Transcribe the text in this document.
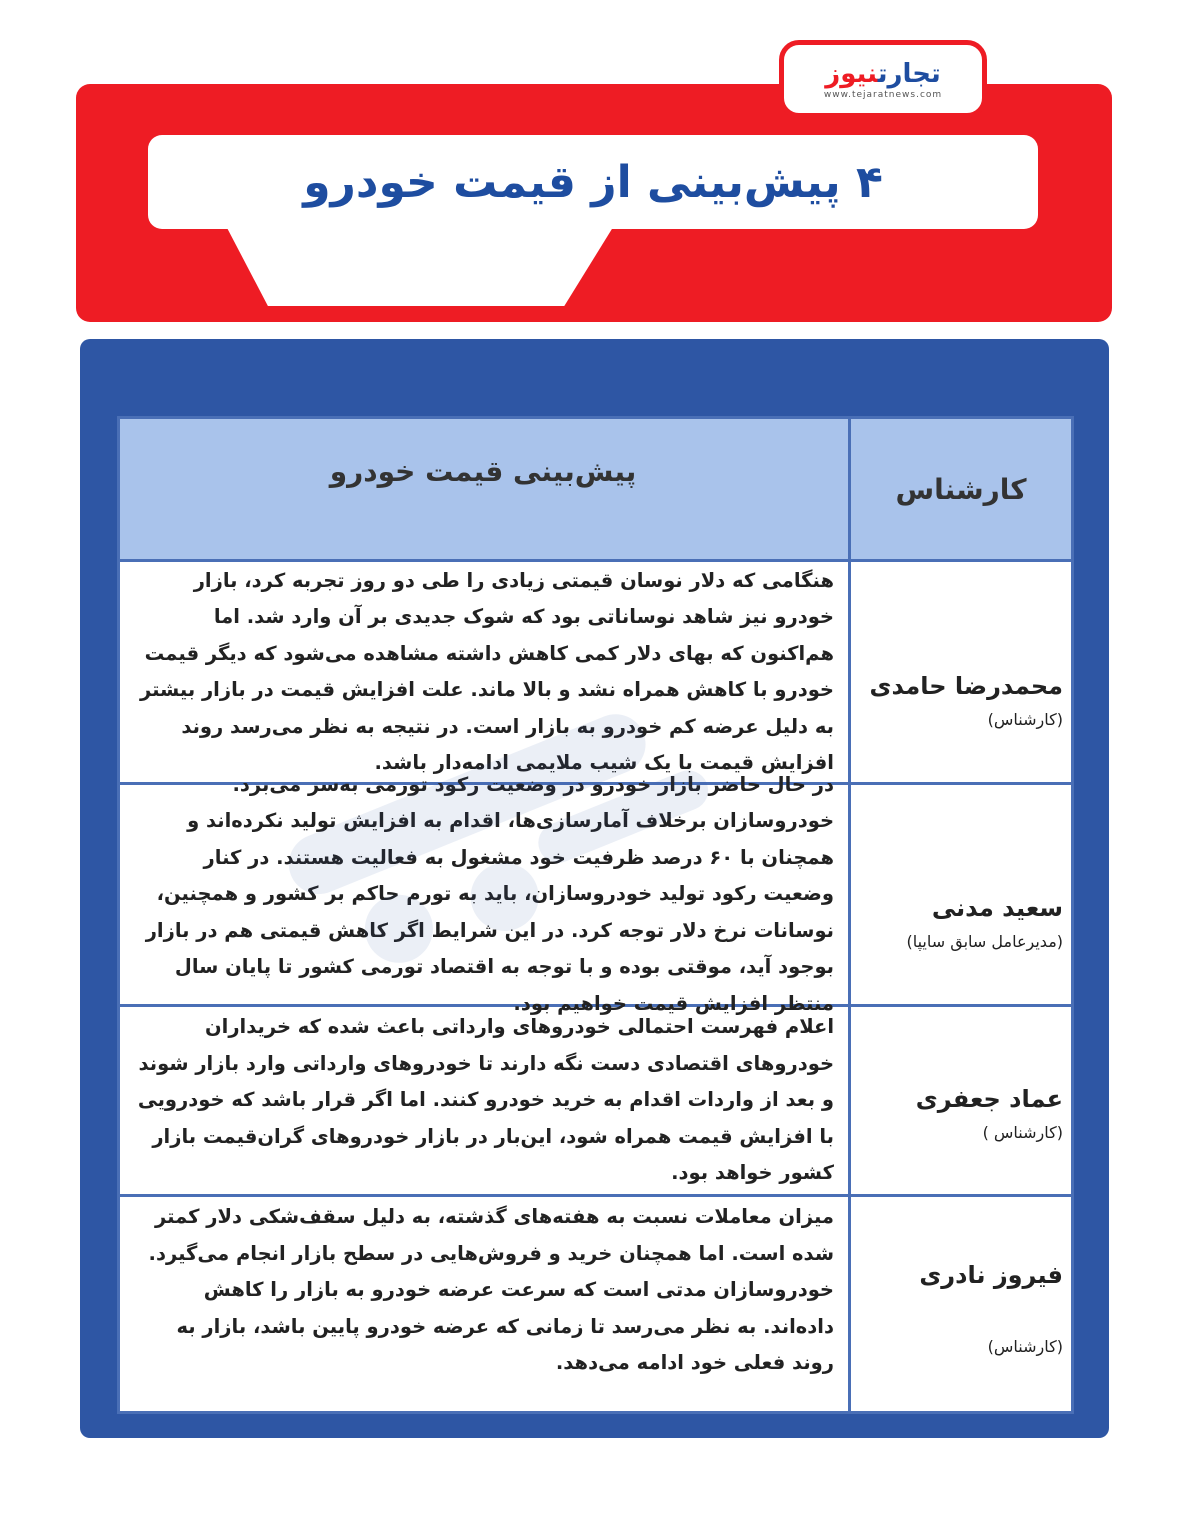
۴ پیش‌بینی از قیمت خودرو
تجارتنیوز
www.tejaratnews.com
کارشناس
پیش‌بینی قیمت خودرو
محمدرضا حامدی
(کارشناس)

هنگامی که دلار نوسان قیمتی زیادی را طی دو روز تجربه کرد، بازار خودرو نیز شاهد نوساناتی بود که شوک جدیدی بر آن وارد شد. اما هم‌اکنون که بهای دلار کمی کاهش داشته مشاهده می‌شود که دیگر قیمت خودرو با کاهش همراه نشد و بالا ماند. علت افزایش قیمت در بازار بیشتر به دلیل عرضه کم خودرو به بازار است. در نتیجه به نظر می‌رسد روند افزایش قیمت با یک شیب ملایمی ادامه‌دار باشد.

سعید مدنی
(مدیرعامل سابق سایپا)

در حال حاضر بازار خودرو در وضعیت رکود تورمی به‌سر می‌برد. خودروسازان برخلاف آمارسازی‌ها، اقدام به افزایش تولید نکرده‌اند و همچنان با ۶۰ درصد ظرفیت خود مشغول به فعالیت هستند. در کنار وضعیت رکود تولید خودروسازان، باید به تورم حاکم بر کشور و همچنین، نوسانات نرخ دلار توجه کرد. در این شرایط اگر کاهش قیمتی هم در بازار بوجود آید، موقتی بوده و با توجه به اقتصاد تورمی کشور تا پایان سال منتظر افزایش قیمت خواهیم بود.

عماد جعفری
(کارشناس )

اعلام فهرست احتمالی خودروهای وارداتی باعث شده که خریداران خودروهای اقتصادی دست نگه دارند تا خودروهای وارداتی وارد بازار شوند و بعد از واردات اقدام به خرید خودرو کنند. اما اگر قرار باشد که خودرویی با افزایش قیمت همراه شود، این‌بار در بازار خودروهای گران‌قیمت بازار کشور خواهد بود.

فیروز نادری
(کارشناس)

میزان معاملات نسبت به هفته‌های گذشته، به دلیل سقف‌شکی دلار کمتر شده است. اما همچنان خرید و فروش‌هایی در سطح بازار انجام می‌گیرد. خودروسازان مدتی است که سرعت عرضه خودرو به بازار را کاهش داده‌اند. به نظر می‌رسد تا زمانی که عرضه خودرو پایین باشد، بازار به روند فعلی خود ادامه می‌دهد.
